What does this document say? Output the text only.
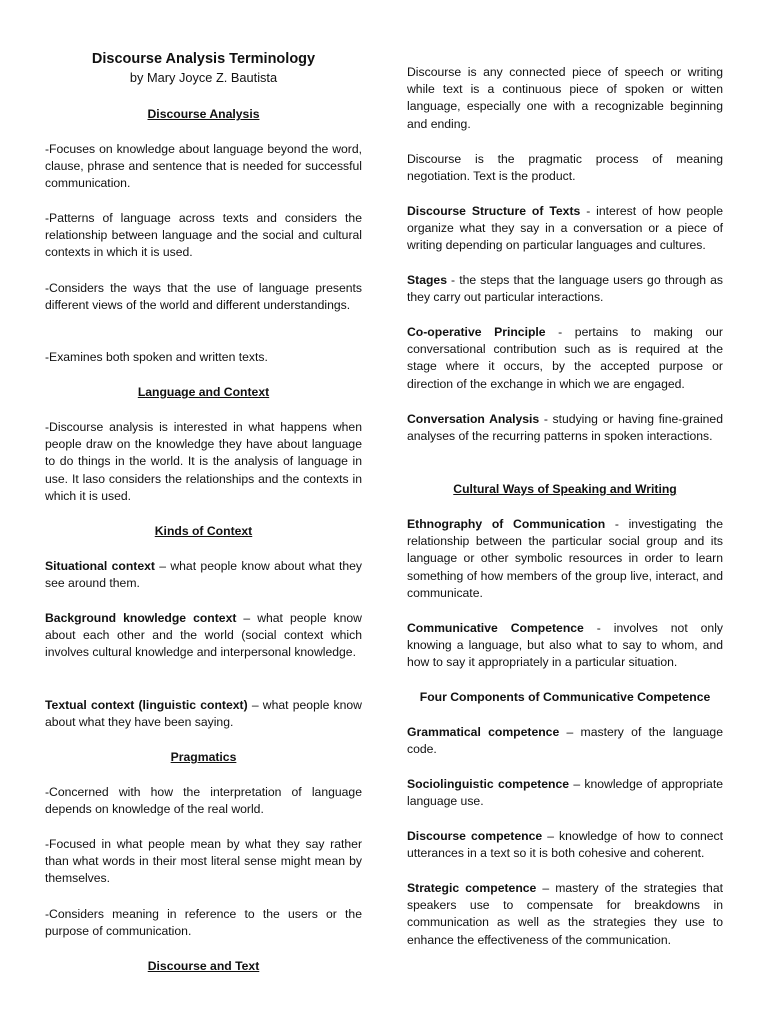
Discourse Analysis Terminology
by Mary Joyce Z. Bautista
Discourse Analysis

-Focuses on knowledge about language beyond the word, clause, phrase and sentence that is needed for successful communication.

-Patterns of language across texts and considers the relationship between language and the social and cultural contexts in which it is used.

-Considers the ways that the use of language presents different views of the world and different understandings.

-Examines both spoken and written texts.

Language and Context

-Discourse analysis is interested in what happens when people draw on the knowledge they have about language to do things in the world. It is the analysis of language in use. It laso considers the relationships and the contexts in which it is used.

Kinds of Context

Situational context – what people know about what they see around them.

Background knowledge context – what people know about each other and the world (social context which involves cultural knowledge and interpersonal knowledge.

Textual context (linguistic context) – what people know about what they have been saying.

Pragmatics

-Concerned with how the interpretation of language depends on knowledge of the real world.

-Focused in what people mean by what they say rather than what words in their most literal sense might mean by themselves.

-Considers meaning in reference to the users or the purpose of communication.

Discourse and Text

Discourse is any connected piece of speech or writing while text is a continuous piece of spoken or witten language, especially one with a recognizable beginning and ending.

Discourse is the pragmatic process of meaning negotiation. Text is the product.

Discourse Structure of Texts - interest of how people organize what they say in a conversation or a piece of writing depending on particular languages and cultures.

Stages - the steps that the language users go through as they carry out particular interactions.

Co-operative Principle - pertains to making our conversational contribution such as is required at the stage where it occurs, by the accepted purpose or direction of the exchange in which we are engaged.

Conversation Analysis - studying or having fine-grained analyses of the recurring patterns in spoken interactions.

Cultural Ways of Speaking and Writing

Ethnography of Communication - investigating the relationship between the particular social group and its language or other symbolic resources in order to learn something of how members of the group live, interact, and communicate.

Communicative Competence - involves not only knowing a language, but also what to say to whom, and how to say it appropriately in a particular situation.

Four Components of Communicative Competence

Grammatical competence – mastery of the language code.

Sociolinguistic competence – knowledge of appropriate language use.

Discourse competence – knowledge of how to connect utterances in a text so it is both cohesive and coherent.

Strategic competence – mastery of the strategies that speakers use to compensate for breakdowns in communication as well as the strategies they use to enhance the effectiveness of the communication.
